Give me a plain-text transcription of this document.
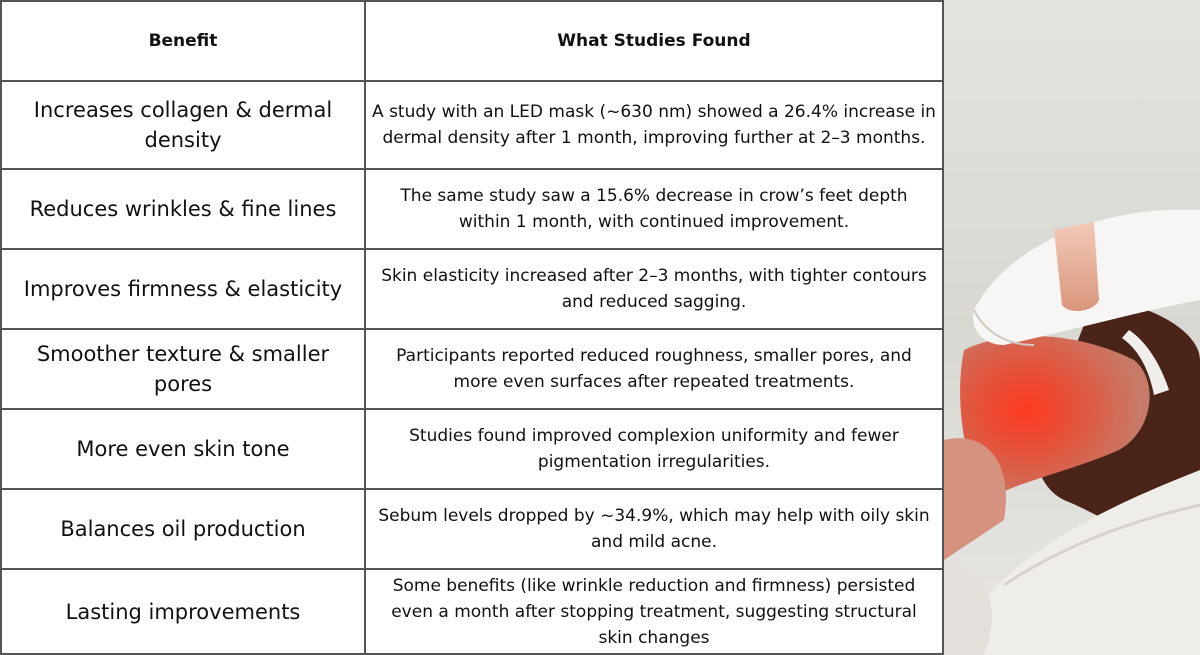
Benefit	What Studies Found
Increases collagen & dermal density
A study with an LED mask (~630 nm) showed a 26.4% increase in dermal density after 1 month, improving further at 2–3 months.
Reduces wrinkles & fine lines
The same study saw a 15.6% decrease in crow’s feet depth within 1 month, with continued improvement.
Improves firmness & elasticity
Skin elasticity increased after 2–3 months, with tighter contours and reduced sagging.
Smoother texture & smaller pores
Participants reported reduced roughness, smaller pores, and more even surfaces after repeated treatments.
More even skin tone
Studies found improved complexion uniformity and fewer pigmentation irregularities.
Balances oil production
Sebum levels dropped by ~34.9%, which may help with oily skin and mild acne.
Lasting improvements
Some benefits (like wrinkle reduction and firmness) persisted even a month after stopping treatment, suggesting structural skin changes
